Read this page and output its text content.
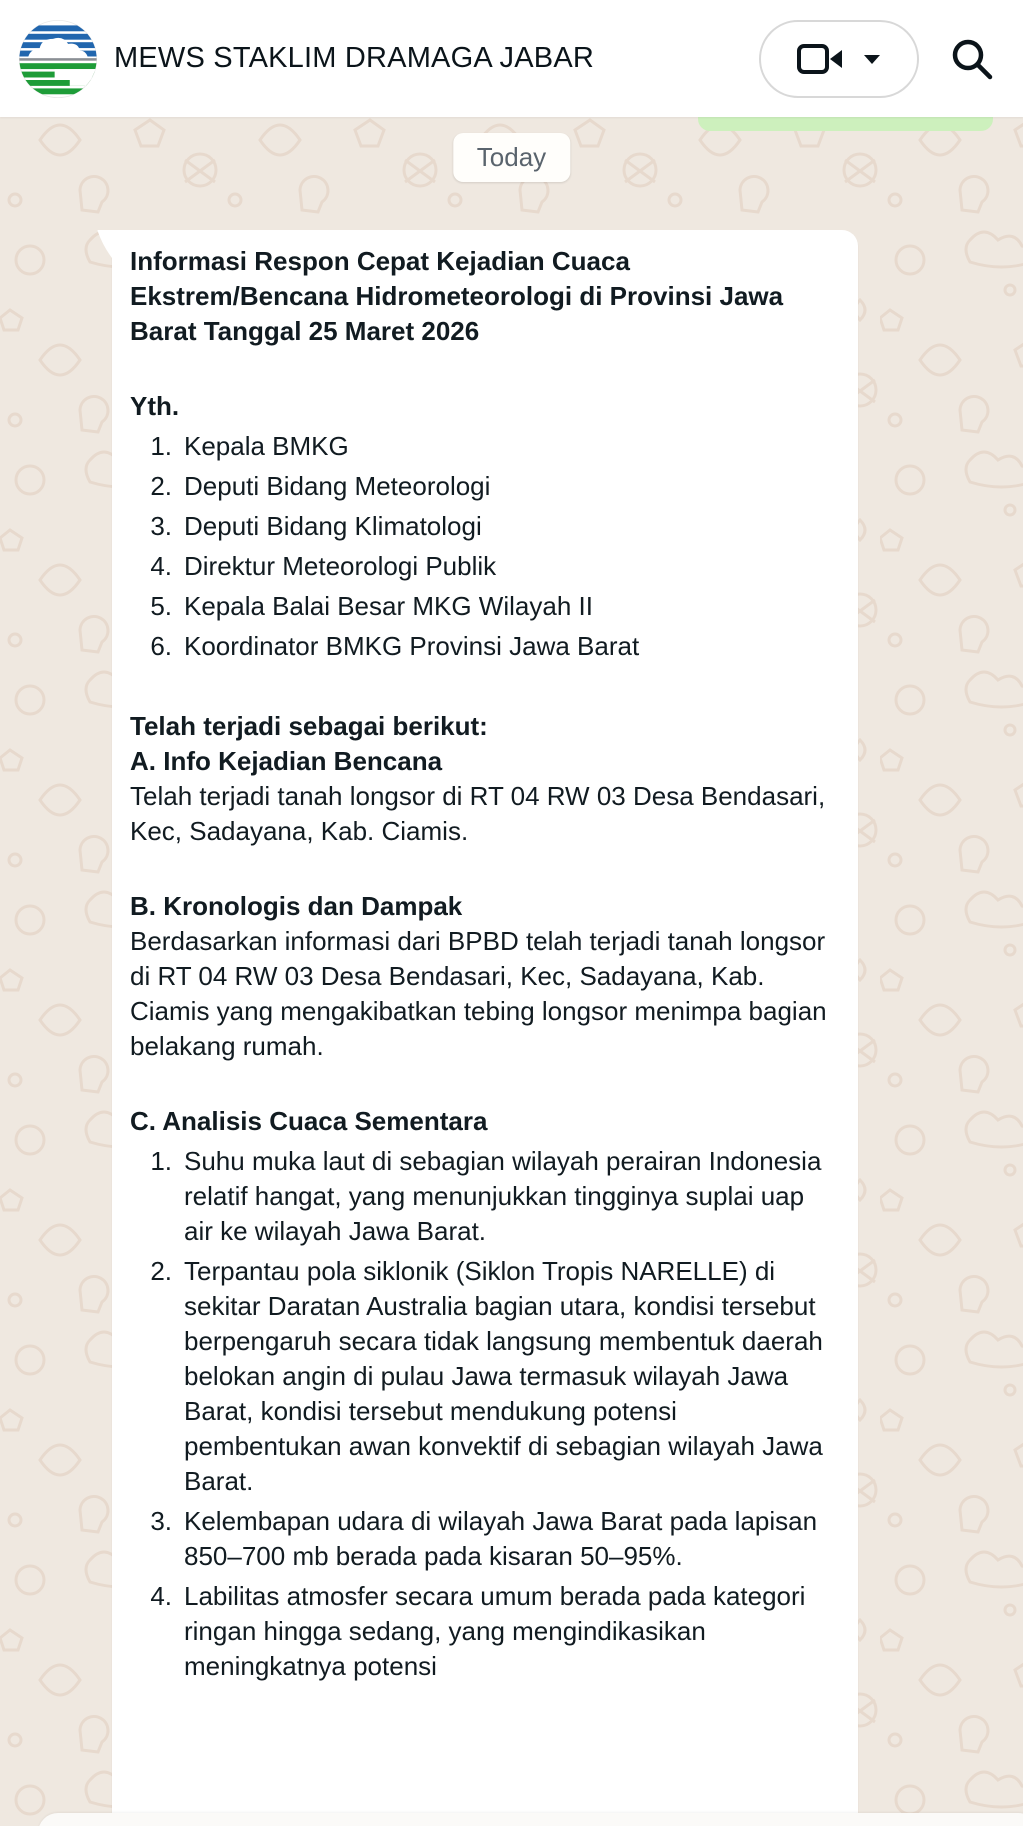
MEWS STAKLIM DRAMAGA JABAR
Today

Informasi Respon Cepat Kejadian Cuaca Ekstrem/Bencana Hidrometeorologi di Provinsi Jawa Barat Tanggal 25 Maret 2026

Yth.

1. Kepala BMKG
2. Deputi Bidang Meteorologi
3. Deputi Bidang Klimatologi
4. Direktur Meteorologi Publik
5. Kepala Balai Besar MKG Wilayah II
6. Koordinator BMKG Provinsi Jawa Barat

Telah terjadi sebagai berikut:

A. Info Kejadian Bencana

Telah terjadi tanah longsor di RT 04 RW 03 Desa Bendasari, Kec, Sadayana, Kab. Ciamis.

B. Kronologis dan Dampak

Berdasarkan informasi dari BPBD telah terjadi tanah longsor di RT 04 RW 03 Desa Bendasari, Kec, Sadayana, Kab. Ciamis yang mengakibatkan tebing longsor menimpa bagian belakang rumah.

C. Analisis Cuaca Sementara

1. Suhu muka laut di sebagian wilayah perairan Indonesia relatif hangat, yang menunjukkan tingginya suplai uap air ke wilayah Jawa Barat.
2. Terpantau pola siklonik (Siklon Tropis NARELLE) di sekitar Daratan Australia bagian utara, kondisi tersebut berpengaruh secara tidak langsung membentuk daerah belokan angin di pulau Jawa termasuk wilayah Jawa Barat, kondisi tersebut mendukung potensi pembentukan awan konvektif di sebagian wilayah Jawa Barat.
3. Kelembapan udara di wilayah Jawa Barat pada lapisan 850–700 mb berada pada kisaran 50–95%.
4. Labilitas atmosfer secara umum berada pada kategori ringan hingga sedang, yang mengindikasikan meningkatnya potensi
